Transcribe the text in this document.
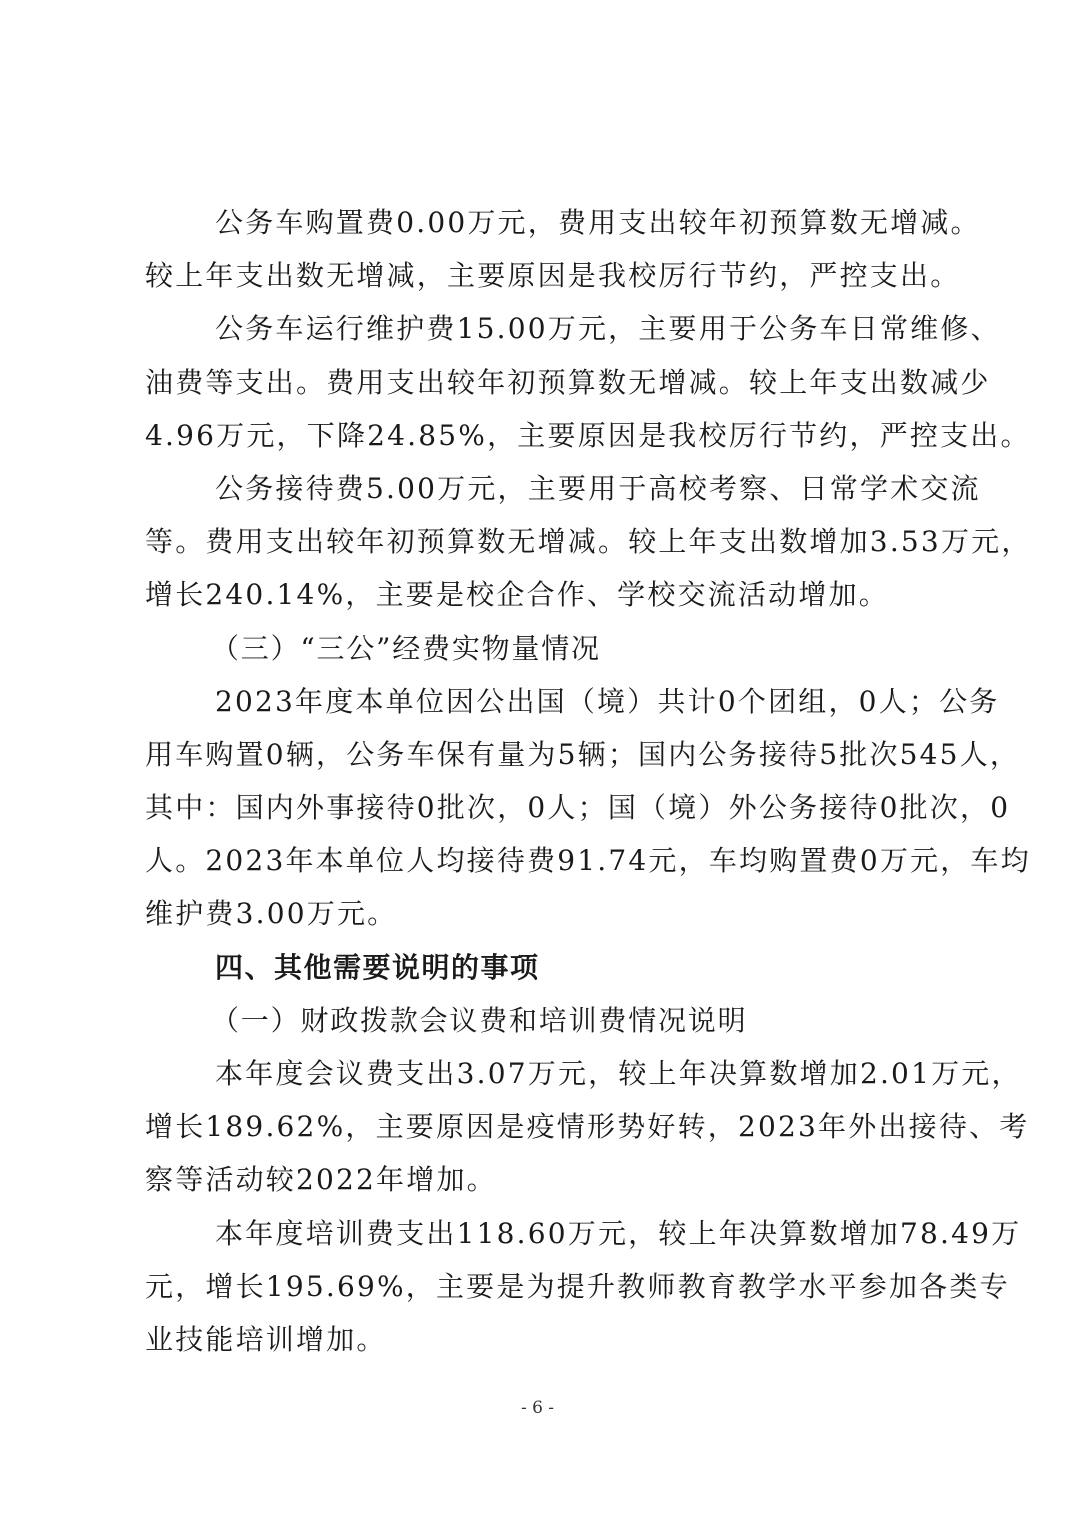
公务车购置费0.00万元，费用支出较年初预算数无增减。
较上年支出数无增减，主要原因是我校厉行节约，严控支出。
公务车运行维护费15.00万元，主要用于公务车日常维修、
油费等支出。费用支出较年初预算数无增减。较上年支出数减少
4.96万元，下降24.85%，主要原因是我校厉行节约，严控支出。
公务接待费5.00万元，主要用于高校考察、日常学术交流
等。费用支出较年初预算数无增减。较上年支出数增加3.53万元，
增长240.14%，主要是校企合作、学校交流活动增加。
（三）“三公”经费实物量情况
2023年度本单位因公出国（境）共计0个团组，0人；公务
用车购置0辆，公务车保有量为5辆；国内公务接待5批次545人，
其中：国内外事接待0批次，0人；国（境）外公务接待0批次，0
人。2023年本单位人均接待费91.74元，车均购置费0万元，车均
维护费3.00万元。
四、其他需要说明的事项
（一）财政拨款会议费和培训费情况说明
本年度会议费支出3.07万元，较上年决算数增加2.01万元，
增长189.62%，主要原因是疫情形势好转，2023年外出接待、考
察等活动较2022年增加。
本年度培训费支出118.60万元，较上年决算数增加78.49万
元，增长195.69%，主要是为提升教师教育教学水平参加各类专
业技能培训增加。
- 6 -
